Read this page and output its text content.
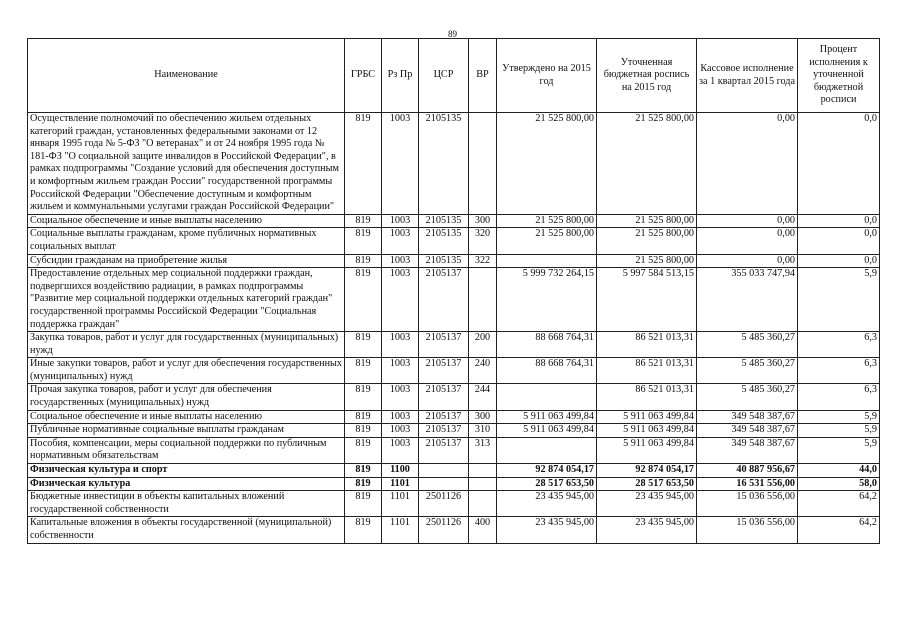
89
Наименование	ГРБС	Рз Пр	ЦСР	ВР	Утверждено на 2015 год	Уточненная бюджетная роспись на 2015 год	Кассовое исполнение за 1 квартал 2015 года	Процент исполнения к уточненной бюджетной росписи
Осуществление полномочий по обеспечению жильем отдельных категорий граждан, установленных федеральными законами от 12 января 1995 года № 5-ФЗ "О ветеранах" и от 24 ноября 1995 года № 181-ФЗ "О социальной защите инвалидов в Российской Федерации", в рамках подпрограммы "Создание условий для обеспечения доступным и комфортным жильем граждан России" государственной программы Российской Федерации "Обеспечение доступным и комфортным жильем и коммунальными услугами граждан Российской Федерации"	819	1003	2105135		21 525 800,00	21 525 800,00	0,00	0,0
Социальное обеспечение и иные выплаты населению	819	1003	2105135	300	21 525 800,00	21 525 800,00	0,00	0,0
Социальные выплаты гражданам, кроме публичных нормативных социальных выплат	819	1003	2105135	320	21 525 800,00	21 525 800,00	0,00	0,0
Субсидии гражданам на приобретение жилья	819	1003	2105135	322		21 525 800,00	0,00	0,0
Предоставление отдельных мер социальной поддержки граждан, подвергшихся воздействию радиации, в рамках подпрограммы "Развитие мер социальной поддержки отдельных категорий граждан" государственной программы Российской Федерации "Социальная поддержка граждан"	819	1003	2105137		5 999 732 264,15	5 997 584 513,15	355 033 747,94	5,9
Закупка товаров, работ и услуг для государственных (муниципальных) нужд	819	1003	2105137	200	88 668 764,31	86 521 013,31	5 485 360,27	6,3
Иные закупки товаров, работ и услуг для обеспечения государственных (муниципальных) нужд	819	1003	2105137	240	88 668 764,31	86 521 013,31	5 485 360,27	6,3
Прочая закупка товаров, работ и услуг для обеспечения государственных (муниципальных) нужд	819	1003	2105137	244		86 521 013,31	5 485 360,27	6,3
Социальное обеспечение и иные выплаты населению	819	1003	2105137	300	5 911 063 499,84	5 911 063 499,84	349 548 387,67	5,9
Публичные нормативные социальные выплаты гражданам	819	1003	2105137	310	5 911 063 499,84	5 911 063 499,84	349 548 387,67	5,9
Пособия, компенсации, меры социальной поддержки по публичным нормативным обязательствам	819	1003	2105137	313		5 911 063 499,84	349 548 387,67	5,9
Физическая культура и спорт	819	1100			92 874 054,17	92 874 054,17	40 887 956,67	44,0
Физическая культура	819	1101			28 517 653,50	28 517 653,50	16 531 556,00	58,0
Бюджетные инвестиции в объекты капитальных вложений государственной собственности	819	1101	2501126		23 435 945,00	23 435 945,00	15 036 556,00	64,2
Капитальные вложения в объекты государственной (муниципальной) собственности	819	1101	2501126	400	23 435 945,00	23 435 945,00	15 036 556,00	64,2
